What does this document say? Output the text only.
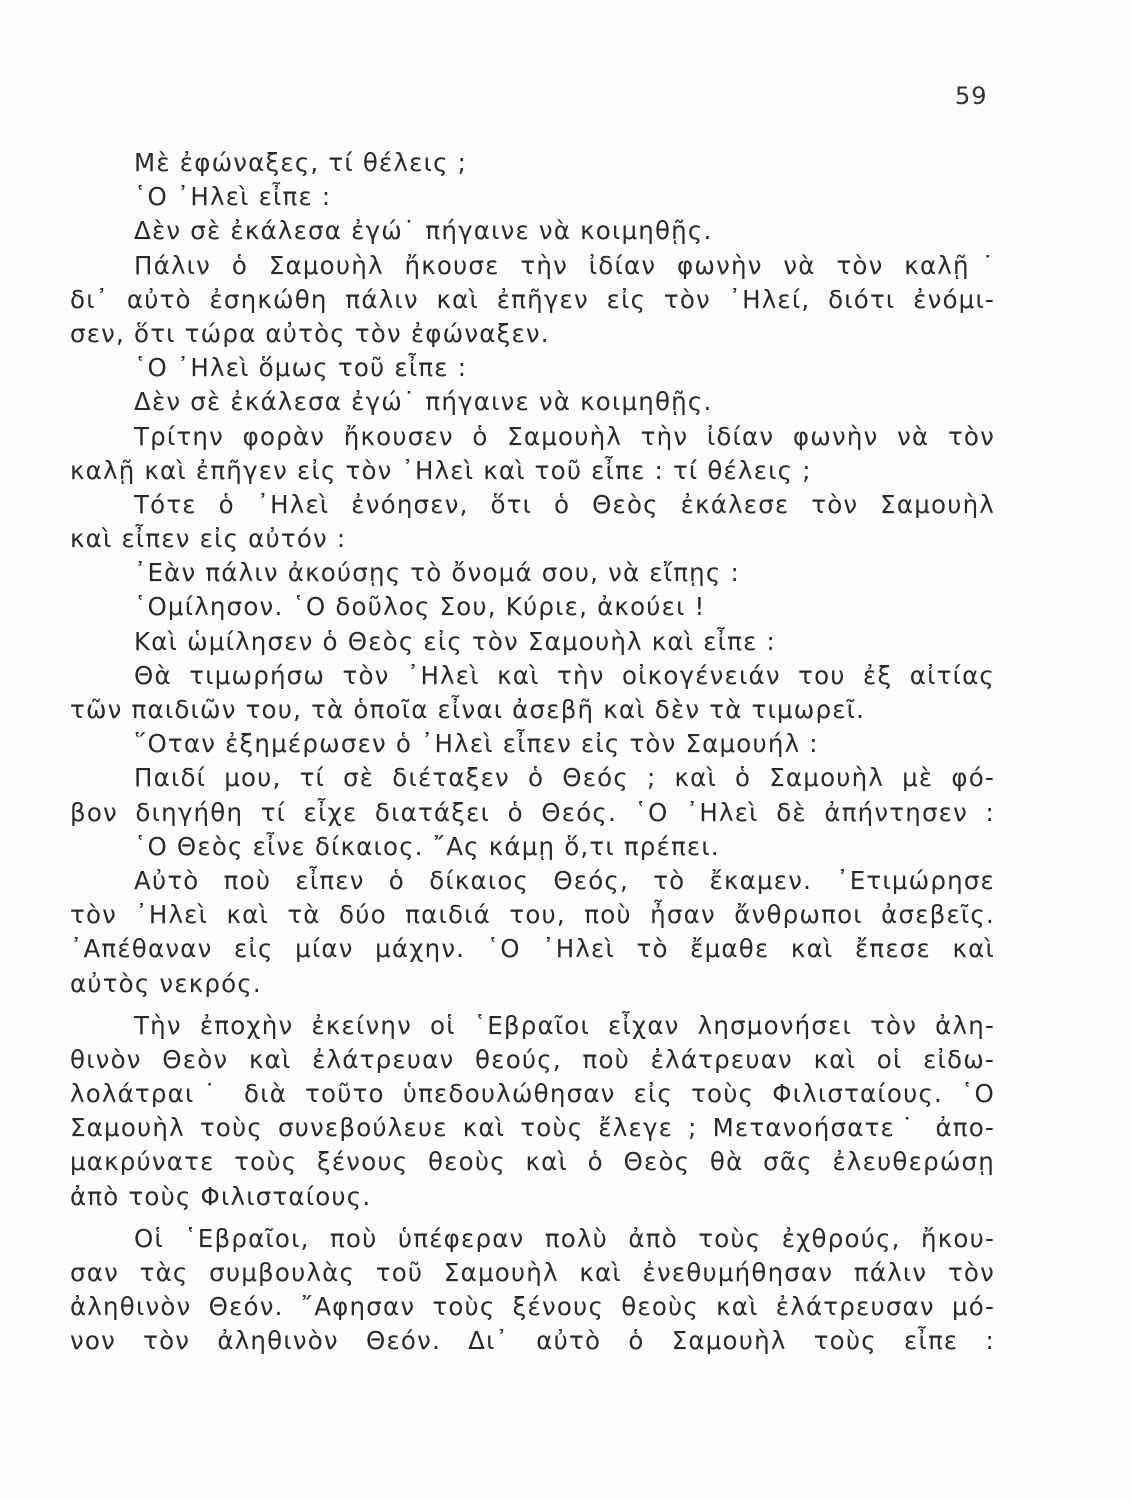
59
Μὲ ἐφώναξες, τί θέλεις ;
῾Ο ᾿Ηλεὶ εἶπε :
Δὲν σὲ ἐκάλεσα ἐγώ˙ πήγαινε νὰ κοιμηθῇς.
Πάλιν ὁ Σαμουὴλ ἤκουσε τὴν ἰδίαν φωνὴν νὰ τὸν καλῇ˙
δι᾿ αὐτὸ ἐσηκώθη πάλιν καὶ ἐπῆγεν εἰς τὸν ᾿Ηλεί, διότι ἐνόμι-
σεν, ὅτι τώρα αὐτὸς τὸν ἐφώναξεν.
῾Ο ᾿Ηλεὶ ὅμως τοῦ εἶπε :
Δὲν σὲ ἐκάλεσα ἐγώ˙ πήγαινε νὰ κοιμηθῇς.
Τρίτην φορὰν ἤκουσεν ὁ Σαμουὴλ τὴν ἰδίαν φωνὴν νὰ τὸν
καλῇ καὶ ἐπῆγεν εἰς τὸν ᾿Ηλεὶ καὶ τοῦ εἶπε : τί θέλεις ;
Τότε ὁ ᾿Ηλεὶ ἐνόησεν, ὅτι ὁ Θεὸς ἐκάλεσε τὸν Σαμουὴλ
καὶ εἶπεν εἰς αὐτόν :
᾿Εὰν πάλιν ἀκούσῃς τὸ ὄνομά σου, νὰ εἴπῃς :
῾Ομίλησον. ῾Ο δοῦλος Σου, Κύριε, ἀκούει !
Καὶ ὡμίλησεν ὁ Θεὸς εἰς τὸν Σαμουὴλ καὶ εἶπε :
Θὰ τιμωρήσω τὸν ᾿Ηλεὶ καὶ τὴν οἰκογένειάν του ἐξ αἰτίας
τῶν παιδιῶν του, τὰ ὁποῖα εἶναι ἀσεβῆ καὶ δὲν τὰ τιμωρεῖ.
῞Οταν ἐξημέρωσεν ὁ ᾿Ηλεὶ εἶπεν εἰς τὸν Σαμουήλ :
Παιδί μου, τί σὲ διέταξεν ὁ Θεός ; καὶ ὁ Σαμουὴλ μὲ φό-
βον διηγήθη τί εἶχε διατάξει ὁ Θεός. ῾Ο ᾿Ηλεὶ δὲ ἀπήντησεν :
῾Ο Θεὸς εἶνε δίκαιος. ῎Ας κάμῃ ὅ,τι πρέπει.
Αὐτὸ ποὺ εἶπεν ὁ δίκαιος Θεός, τὸ ἔκαμεν. ᾿Ετιμώρησε
τὸν ᾿Ηλεὶ καὶ τὰ δύο παιδιά του, ποὺ ἦσαν ἄνθρωποι ἀσεβεῖς.
᾿Απέθαναν εἰς μίαν μάχην. ῾Ο ᾿Ηλεὶ τὸ ἔμαθε καὶ ἔπεσε καὶ
αὐτὸς νεκρός.
Τὴν ἐποχὴν ἐκείνην οἱ ῾Εβραῖοι εἶχαν λησμονήσει τὸν ἀλη-
θινὸν Θεὸν καὶ ἐλάτρευαν θεούς, ποὺ ἐλάτρευαν καὶ οἱ εἰδω-
λολάτραι˙ διὰ τοῦτο ὑπεδουλώθησαν εἰς τοὺς Φιλισταίους. ῾Ο
Σαμουὴλ τοὺς συνεβούλευε καὶ τοὺς ἔλεγε ; Μετανοήσατε˙ ἀπο-
μακρύνατε τοὺς ξένους θεοὺς καὶ ὁ Θεὸς θὰ σᾶς ἐλευθερώσῃ
ἀπὸ τοὺς Φιλισταίους.
Οἱ ῾Εβραῖοι, ποὺ ὑπέφεραν πολὺ ἀπὸ τοὺς ἐχθρούς, ἤκου-
σαν τὰς συμβουλὰς τοῦ Σαμουὴλ καὶ ἐνεθυμήθησαν πάλιν τὸν
ἀληθινὸν Θεόν. ῎Αφησαν τοὺς ξένους θεοὺς καὶ ἐλάτρευσαν μό-
νον τὸν ἀληθινὸν Θεόν. Δι᾿ αὐτὸ ὁ Σαμουὴλ τοὺς εἶπε :
